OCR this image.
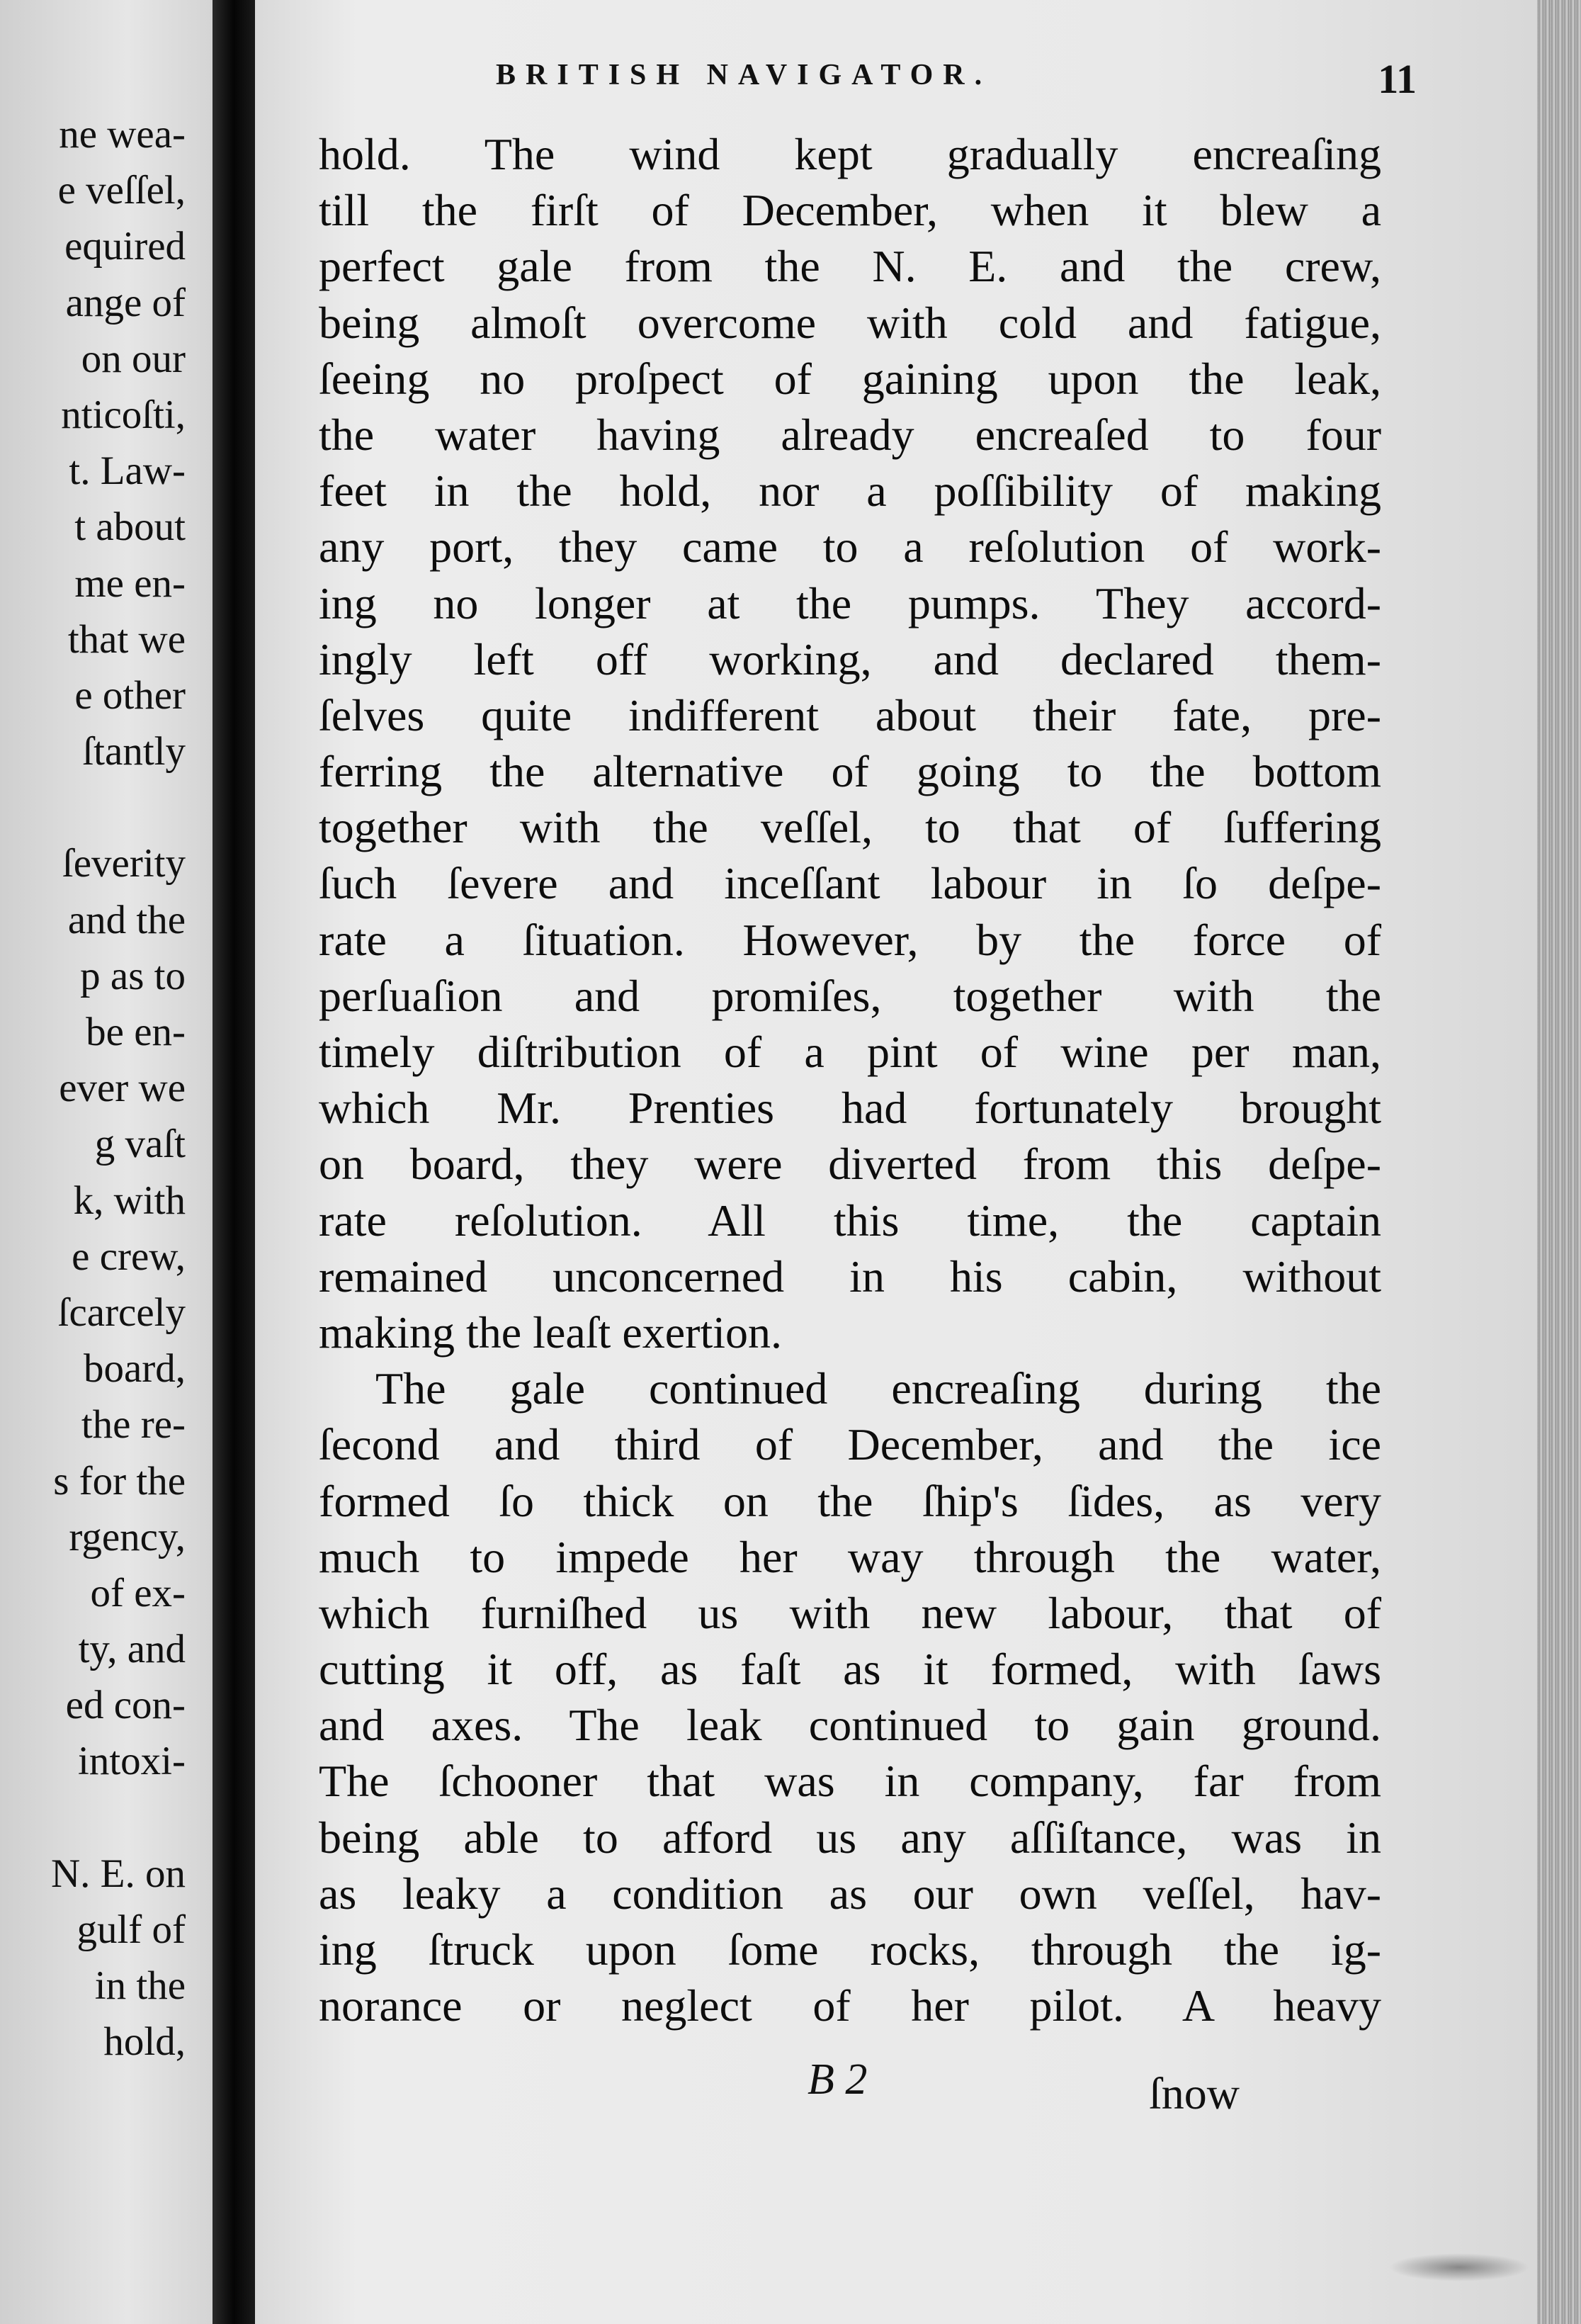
ne wea-
e veſſel,
equired
ange of
on our
nticoſti,
t. Law-
t about
me en-
that we
e other
ſtantly
ſeverity
and the
p as to
be en-
ever we
g vaſt
k, with
e crew,
ſcarcely
board,
the re-
s for the
rgency,
of ex-
ty, and
ed con-
intoxi-
N. E. on
gulf of
in the
hold,
BRITISH NAVIGATOR.	11
hold. The wind kept gradually encreaſing
till the firſt of December, when it blew a
perfect gale from the N. E. and the crew,
being almoſt overcome with cold and fatigue,
ſeeing no proſpect of gaining upon the leak,
the water having already encreaſed to four
feet in the hold, nor a poſſibility of making
any port, they came to a reſolution of work-
ing no longer at the pumps. They accord-
ingly left off working, and declared them-
ſelves quite indifferent about their fate, pre-
ferring the alternative of going to the bottom
together with the veſſel, to that of ſuffering
ſuch ſevere and inceſſant labour in ſo deſpe-
rate a ſituation. However, by the force of
perſuaſion and promiſes, together with the
timely diſtribution of a pint of wine per man,
which Mr. Prenties had fortunately brought
on board, they were diverted from this deſpe-
rate reſolution. All this time, the captain
remained unconcerned in his cabin, without
making the leaſt exertion.
The gale continued encreaſing during the
ſecond and third of December, and the ice
formed ſo thick on the ſhip's ſides, as very
much to impede her way through the water,
which furniſhed us with new labour, that of
cutting it off, as faſt as it formed, with ſaws
and axes. The leak continued to gain ground.
The ſchooner that was in company, far from
being able to afford us any aſſiſtance, was in
as leaky a condition as our own veſſel, hav-
ing ſtruck upon ſome rocks, through the ig-
norance or neglect of her pilot. A heavy
B 2	ſnow
